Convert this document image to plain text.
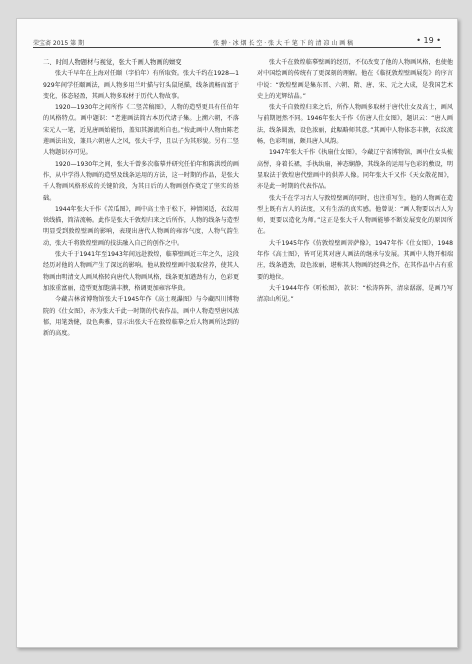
荣宝斋 2015 第 期	张 翀 · 冰 烟 长 空 · 张 大 千 笔 下 的 清 凉 山 画 稿	• 19 •
二、时间人物题材与视觉，张大千画人物画的嬗变

张大千早年在上海对任颐（字伯年）有所取资。张大千约在1928—1929年间学任颐画法，画人物多用兰叶描与钉头鼠尾描，线条流畅而富于变化，体态轻盈，其画人物多取材于历代人物故事。

1920—1930年之间所作《二竖苦稿图》，人物的造型更具有任伯年的风格特点。画中题识：“老莲画法简古本历代诸子集。上溯六朝，不落宋元人一笔，近见唐画始能悟，盖知其源流所自也。”按此画中人物由陈老莲画法出发，兼具六朝唐人之风，张大千学，且以子为其形貌。另有二竖人物题识亦可见。

1920—1930年之间，张大千曾多次临摹并研究任伯年和陈洪绶的画作，从中学得人物画的造型及线条运用的方法，这一时期的作品，是张大千人物画风格形成的关键阶段，为其日后的人物画创作奠定了坚实的基础。

1944年张大千作《苦瓜图》，画中高士坐于松下，神情闲适，衣纹用铁线描，简洁流畅。此作是张大千敦煌归来之后所作，人物的线条与造型明显受到敦煌壁画的影响，表现出唐代人物画的雍容气度，人物气韵生动，张大千将敦煌壁画的技法融入自己的创作之中。

张大千于1941年至1943年间远赴敦煌，临摹壁画近三年之久，这段经历对他的人物画产生了深远的影响。他从敦煌壁画中汲取营养，使其人物画由明清文人画风格转向唐代人物画风格，线条更加遒劲有力，色彩更加浓重富丽，造型更加饱满丰腴，格调更加雍容华贵。

今藏吉林省博物馆张大千1945年作《高士观瀑图》与今藏四川博物院的《仕女图》，亦为张大千此一时期的代表作品，画中人物造型唐风浓郁，用笔劲健，设色典雅，显示出张大千在敦煌临摹之后人物画所达到的新的高度。

张大千在敦煌临摹壁画的经历，不仅改变了他的人物画风格，也使他对中国绘画的传统有了更深刻的理解。他在《临抚敦煌壁画展览》的序言中说：“敦煌壁画是集东晋、六朝、隋、唐、宋、元之大成，是我国艺术史上的光辉结晶。”

张大千自敦煌归来之后，所作人物画多取材于唐代仕女及高士，画风与前期迥然不同。1946年张大千作《仿唐人仕女图》，题识云：“唐人画法，线条圆劲，设色浓丽，此幅略师其意。”其画中人物体态丰腴，衣纹流畅，色彩明丽，颇具唐人风韵。

1947年张大千作《执扇仕女图》，今藏辽宁省博物馆，画中仕女头梳高髻，身着长裙，手执纨扇，神态娴静，其线条的运用与色彩的敷设，明显取法于敦煌唐代壁画中的供养人像。同年张大千又作《天女散花图》，亦是此一时期的代表作品。

张大千在学习古人与敦煌壁画的同时，也注重写生，他的人物画在造型上既有古人的法度，又有生活的真实感。他曾说：“画人物要以古人为师，更要以造化为师。”这正是张大千人物画能够不断发展变化的原因所在。

大千1945年作《仿敦煌壁画菩萨像》，1947年作《仕女图》，1948年作《高士图》，皆可见其对唐人画法的继承与发展。其画中人物开相端庄，线条遒劲，设色浓丽，堪称其人物画的经典之作，在其作品中占有重要的地位。

大千1944年作《听松图》，款识：“松涛阵阵，清泉潺潺，是画乃写清凉山所见。”
